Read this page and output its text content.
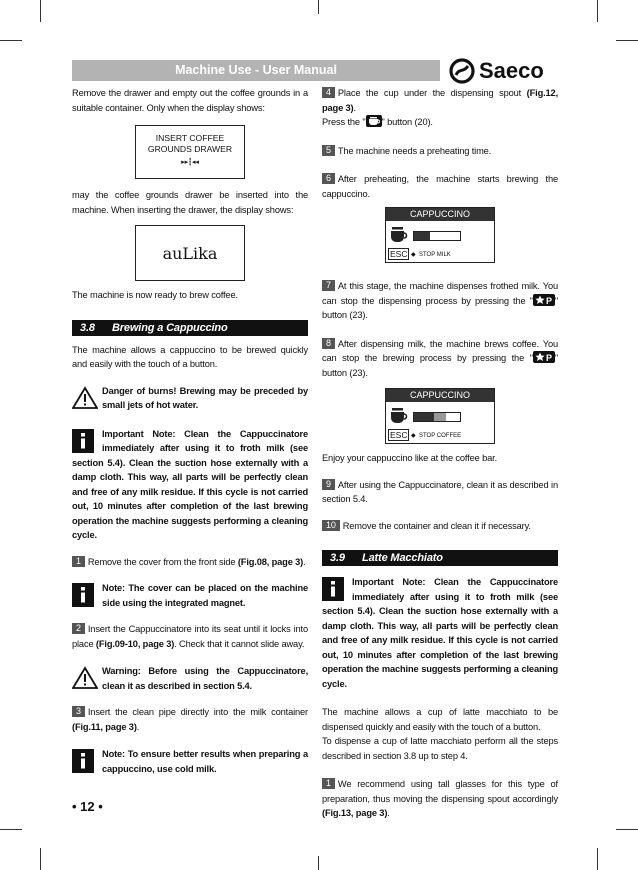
Machine Use - User Manual	Saeco

Remove the drawer and empty out the coffee grounds in a suitable container. Only when the display shows:

INSERT COFFEE
GROUNDS DRAWER
▸▸┇◂◂

may the coffee grounds drawer be inserted into the machine. When inserting the drawer, the display shows:

auLika

The machine is now ready to brew coffee.

3.8 Brewing a Cappuccino

The machine allows a cappuccino to be brewed quickly and easily with the touch of a button.

Danger of burns! Brewing may be preceded by small jets of hot water.
Important Note: Clean the Cappuccinatore immediately after using it to froth milk (see section 5.4). Clean the suction hose externally with a damp cloth. This way, all parts will be perfectly clean and free of any milk residue. If this cycle is not carried out, 10 minutes after completion of the last brewing operation the machine suggests performing a cleaning cycle.

1 Remove the cover from the front side (Fig.08, page 3).

Note: The cover can be placed on the machine side using the integrated magnet.

2 Insert the Cappuccinatore into its seat until it locks into place (Fig.09-10, page 3). Check that it cannot slide away.

Warning: Before using the Cappuccinatore, clean it as described in section 5.4.

3 Insert the clean pipe directly into the milk container (Fig.11, page 3).

Note: To ensure better results when preparing a cappuccino, use cold milk.

4 Place the cup under the dispensing spout (Fig.12, page 3).
Press the " " button (20).

5 The machine needs a preheating time.

6 After preheating, the machine starts brewing the cappuccino.

CAPPUCCINO
ESC ◆ STOP MILK

7 At this stage, the machine dispenses frothed milk. You can stop the dispensing process by pressing the " P " button (23).

8 After dispensing milk, the machine brews coffee. You can stop the brewing process by pressing the " P " button (23).

CAPPUCCINO
ESC ◆ STOP COFFEE

Enjoy your cappuccino like at the coffee bar.

9 After using the Cappuccinatore, clean it as described in section 5.4.

10 Remove the container and clean it if necessary.

3.9 Latte Macchiato
Important Note: Clean the Cappuccinatore immediately after using it to froth milk (see section 5.4). Clean the suction hose externally with a damp cloth. This way, all parts will be perfectly clean and free of any milk residue. If this cycle is not carried out, 10 minutes after completion of the last brewing operation the machine suggests performing a cleaning cycle.

The machine allows a cup of latte macchiato to be dispensed quickly and easily with the touch of a button.

To dispense a cup of latte macchiato perform all the steps described in section 3.8 up to step 4.

1 We recommend using tall glasses for this type of preparation, thus moving the dispensing spout accordingly (Fig.13, page 3).

• 12 •
